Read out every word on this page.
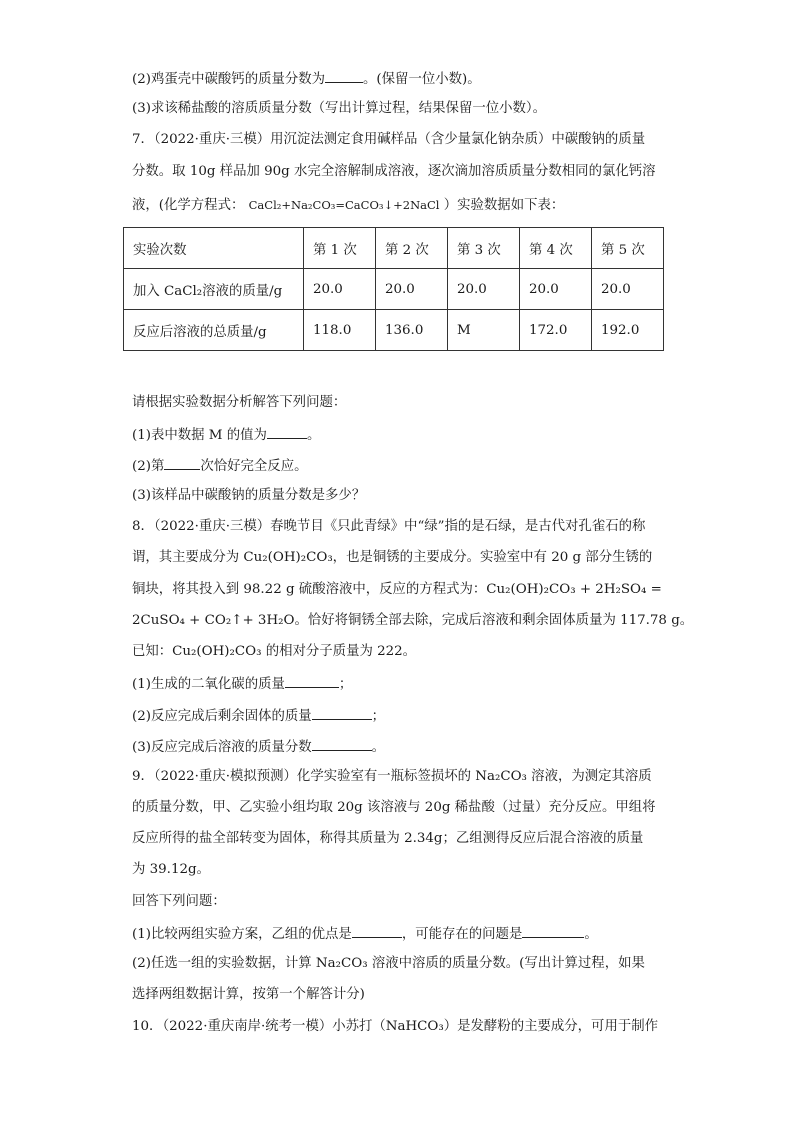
(2)鸡蛋壳中碳酸钙的质量分数为	。(保留一位小数)。
(3)求该稀盐酸的溶质质量分数（写出计算过程，结果保留一位小数）。
7．（2022·重庆·三模）用沉淀法测定食用碱样品（含少量氯化钠杂质）中碳酸钠的质量
分数。取 10g 样品加 90g 水完全溶解制成溶液，逐次滴加溶质质量分数相同的氯化钙溶
液，(化学方程式： CaCl₂+Na₂CO₃=CaCO₃↓+2NaCl ）实验数据如下表：
实验次数	第 1 次	第 2 次	第 3 次	第 4 次	第 5 次
加入 CaCl₂溶液的质量/g	20.0	20.0	20.0	20.0	20.0
反应后溶液的总质量/g	118.0	136.0	M	172.0	192.0
请根据实验数据分析解答下列问题：
(1)表中数据 M 的值为	。
(2)第	次恰好完全反应。
(3)该样品中碳酸钠的质量分数是多少？
8．（2022·重庆·三模）春晚节目《只此青绿》中“绿”指的是石绿，是古代对孔雀石的称
谓，其主要成分为 Cu₂(OH)₂CO₃，也是铜锈的主要成分。实验室中有 20 g 部分生锈的
铜块，将其投入到 98.22 g 硫酸溶液中，反应的方程式为：Cu₂(OH)₂CO₃ + 2H₂SO₄ =
2CuSO₄ + CO₂↑+ 3H₂O。恰好将铜锈全部去除，完成后溶液和剩余固体质量为 117.78 g。
已知：Cu₂(OH)₂CO₃ 的相对分子质量为 222。
(1)生成的二氧化碳的质量	；
(2)反应完成后剩余固体的质量	；
(3)反应完成后溶液的质量分数	。
9．（2022·重庆·模拟预测）化学实验室有一瓶标签损坏的 Na₂CO₃ 溶液，为测定其溶质
的质量分数，甲、乙实验小组均取 20g 该溶液与 20g 稀盐酸（过量）充分反应。甲组将
反应所得的盐全部转变为固体，称得其质量为 2.34g；乙组测得反应后混合溶液的质量
为 39.12g。
回答下列问题：
(1)比较两组实验方案，乙组的优点是	，可能存在的问题是	。
(2)任选一组的实验数据，计算 Na₂CO₃ 溶液中溶质的质量分数。(写出计算过程，如果
选择两组数据计算，按第一个解答计分)
10．（2022·重庆南岸·统考一模）小苏打（NaHCO₃）是发酵粉的主要成分，可用于制作
